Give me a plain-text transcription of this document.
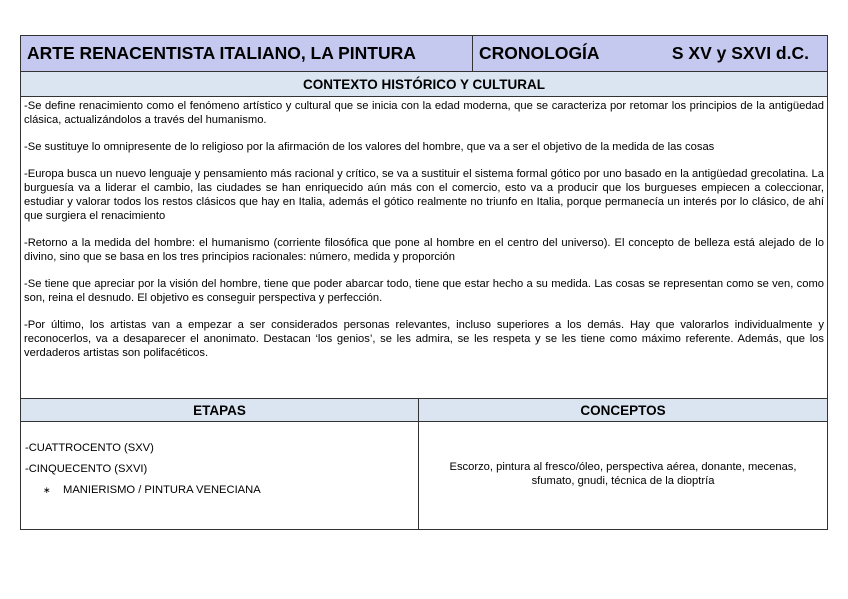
ARTE RENACENTISTA ITALIANO, LA PINTURA	CRONOLOGÍA	S XV y SXVI d.C.
CONTEXTO HISTÓRICO Y CULTURAL

-Se define renacimiento como el fenómeno artístico y cultural que se inicia con la edad moderna, que se caracteriza por retomar los principios de la antigüedad clásica, actualizándolos a través del humanismo.

-Se sustituye lo omnipresente de lo religioso por la afirmación de los valores del hombre, que va a ser el objetivo de la medida de las cosas

-Europa busca un nuevo lenguaje y pensamiento más racional y crítico, se va a sustituir el sistema formal gótico por uno basado en la antigüedad grecolatina. La burguesía va a liderar el cambio, las ciudades se han enriquecido aún más con el comercio, esto va a producir que los burgueses empiecen a coleccionar, estudiar y valorar todos los restos clásicos que hay en Italia, además el gótico realmente no triunfo en Italia, porque permanecía un interés por lo clásico, de ahí que surgiera el renacimiento

-Retorno a la medida del hombre: el humanismo (corriente filosófica que pone al hombre en el centro del universo). El concepto de belleza está alejado de lo divino, sino que se basa en los tres principios racionales: número, medida y proporción

-Se tiene que apreciar por la visión del hombre, tiene que poder abarcar todo, tiene que estar hecho a su medida. Las cosas se representan como se ven, como son, reina el desnudo. El objetivo es conseguir perspectiva y perfección.

-Por último, los artistas van a empezar a ser considerados personas relevantes, incluso superiores a los demás. Hay que valorarlos individualmente y reconocerlos, va a desaparecer el anonimato. Destacan ‘los genios’, se les admira, se les respeta y se les tiene como máximo referente. Además, que los verdaderos artistas son polifacéticos.

ETAPAS	CONCEPTOS
-CUATTROCENTO (SXV)
-CINQUECENTO (SXVI)
∗	MANIERISMO / PINTURA VENECIANA
Escorzo, pintura al fresco/óleo, perspectiva aérea, donante, mecenas, sfumato, gnudi, técnica de la dioptría
